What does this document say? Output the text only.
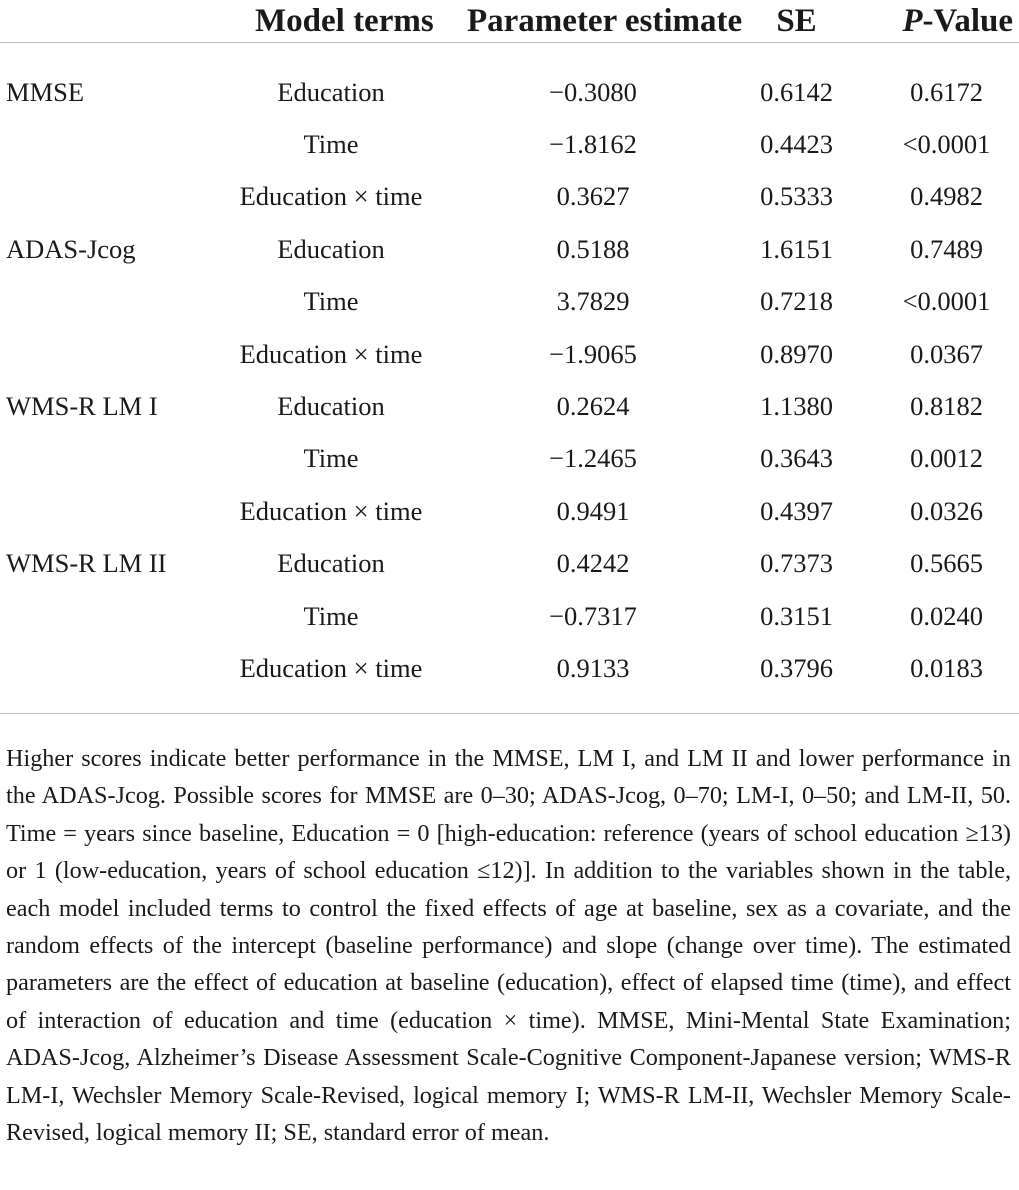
	Model terms	Parameter estimate	SE	P-Value

MMSE	Education	−0.3080	0.6142	0.6172
	Time	−1.8162	0.4423	<0.0001
	Education × time	0.3627	0.5333	0.4982
ADAS-Jcog	Education	0.5188	1.6151	0.7489
	Time	3.7829	0.7218	<0.0001
	Education × time	−1.9065	0.8970	0.0367
WMS-R LM I	Education	0.2624	1.1380	0.8182
	Time	−1.2465	0.3643	0.0012
	Education × time	0.9491	0.4397	0.0326
WMS-R LM II	Education	0.4242	0.7373	0.5665
	Time	−0.7317	0.3151	0.0240
	Education × time	0.9133	0.3796	0.0183

Higher scores indicate better performance in the MMSE, LM I, and LM II and lower performance in the ADAS-Jcog. Possible scores for MMSE are 0–30; ADAS-Jcog, 0–70; LM-I, 0–50; and LM-II, 50. Time = years since baseline, Education = 0 [high-education: reference (years of school education ≥13) or 1 (low-education, years of school education ≤12)]. In addition to the variables shown in the table, each model included terms to control the fixed effects of age at baseline, sex as a covariate, and the random effects of the intercept (baseline performance) and slope (change over time). The estimated parameters are the effect of education at baseline (education), effect of elapsed time (time), and effect of interaction of education and time (education × time). MMSE, Mini-Mental State Examination; ADAS-Jcog, Alzheimer’s Disease Assessment Scale-Cognitive Component-Japanese version; WMS-R LM-I, Wechsler Memory Scale-Revised, logical memory I; WMS-R LM-II, Wechsler Memory Scale-Revised, logical memory II; SE, standard error of mean.
